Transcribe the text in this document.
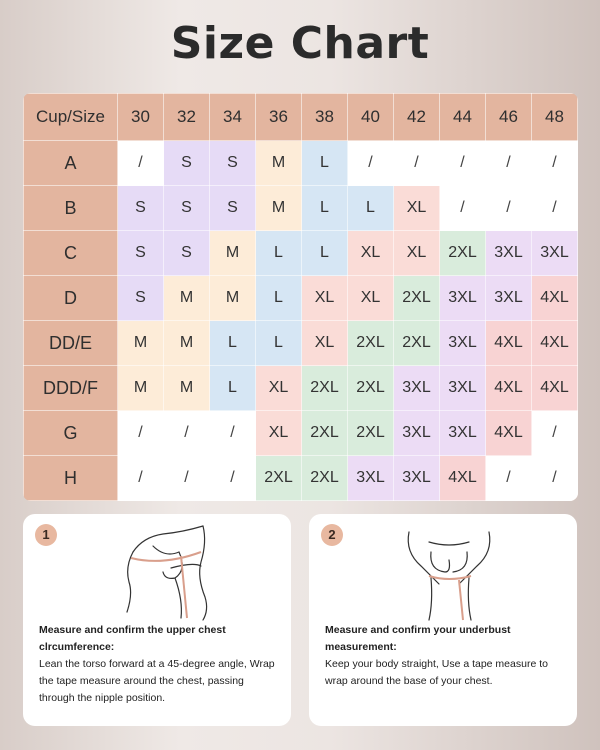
Size Chart
Cup/Size	30	32	34	36	38	40	42	44	46	48
A	/	S	S	M	L	/	/	/	/	/
B	S	S	S	M	L	L	XL	/	/	/
C	S	S	M	L	L	XL	XL	2XL	3XL	3XL
D	S	M	M	L	XL	XL	2XL	3XL	3XL	4XL
DD/E	M	M	L	L	XL	2XL	2XL	3XL	4XL	4XL
DDD/F	M	M	L	XL	2XL	2XL	3XL	3XL	4XL	4XL
G	/	/	/	XL	2XL	2XL	3XL	3XL	4XL	/
H	/	/	/	2XL	2XL	3XL	3XL	4XL	/	/
1
Measure and confirm the upper chest clrcumference:
Lean the torso forward at a 45-degree angle, Wrap the tape measure around the chest, passing through the nipple position.
2
Measure and confirm your underbust measurement:
Keep your body straight, Use a tape measure to wrap around the base of your chest.
